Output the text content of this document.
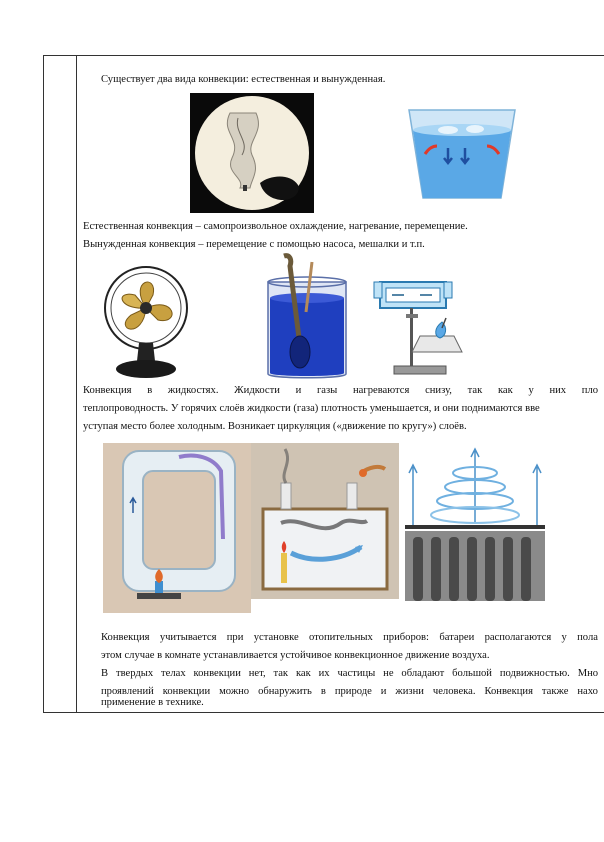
Существует два вида конвекции: естественная и вынужденная.
Естественная конвекция – самопроизвольное охлаждение, нагревание, перемещение.
Вынужденная конвекция – перемещение с помощью насоса, мешалки и т.п.
Конвекция в жидкостях. Жидкости и газы нагреваются снизу, так как у них пло
теплопроводность. У горячих слоёв жидкости (газа) плотность уменьшается, и они поднимаются вве
уступая место более холодным. Возникает циркуляция («движение по кругу») слоёв.
Конвекция учитывается при установке отопительных приборов: батареи располагаются у пола
этом случае в комнате устанавливается устойчивое конвекционное движение воздуха.
В твердых телах конвекции нет, так как их частицы не обладают большой подвижностью. Мно
проявлений конвекции можно обнаружить в природе и жизни человека. Конвекция также нахо
применение в технике.
